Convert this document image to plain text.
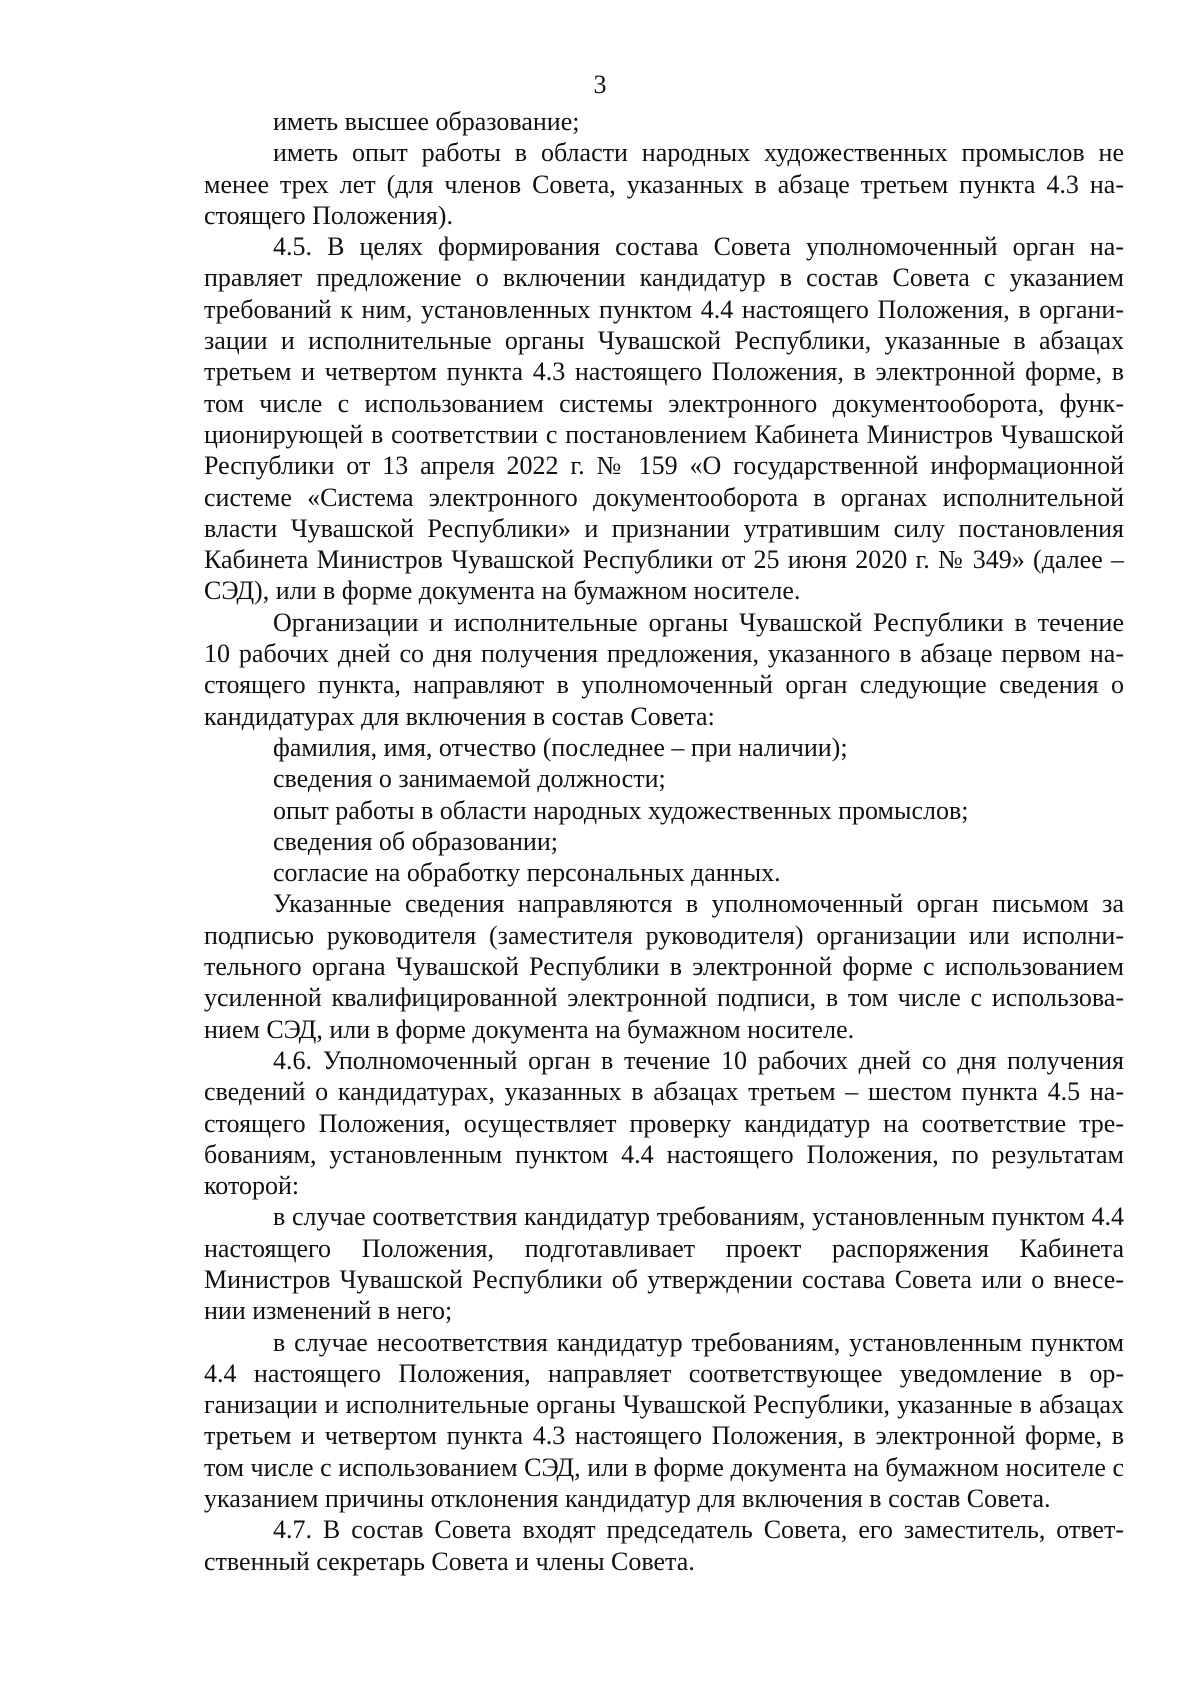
3

иметь высшее образование;

иметь опыт работы в области народных художественных промыслов не менее трех лет (для членов Совета, указанных в абзаце третьем пункта 4.3 настоящего Положения).

4.5. В целях формирования состава Совета уполномоченный орган направляет предложение о включении кандидатур в состав Совета с указанием требований к ним, установленных пунктом 4.4 настоящего Положения, в организации и исполнительные органы Чувашской Республики, указанные в абзацах третьем и четвертом пункта 4.3 настоящего Положения, в электронной форме, в том числе с использованием системы электронного документооборота, функционирующей в соответствии с постановлением Кабинета Министров Чувашской Республики от 13 апреля 2022 г. № 159 «О государственной информационной системе «Система электронного документооборота в органах исполнительной власти Чувашской Республики» и признании утратившим силу постановления Кабинета Министров Чувашской Республики от 25 июня 2020 г. № 349» (далее – СЭД), или в форме документа на бумажном носителе.

Организации и исполнительные органы Чувашской Республики в течение 10 рабочих дней со дня получения предложения, указанного в абзаце первом настоящего пункта, направляют в уполномоченный орган следующие сведения о кандидатурах для включения в состав Совета:

фамилия, имя, отчество (последнее – при наличии);

сведения о занимаемой должности;

опыт работы в области народных художественных промыслов;

сведения об образовании;

согласие на обработку персональных данных.

Указанные сведения направляются в уполномоченный орган письмом за подписью руководителя (заместителя руководителя) организации или исполнительного органа Чувашской Республики в электронной форме с использованием усиленной квалифицированной электронной подписи, в том числе с использованием СЭД, или в форме документа на бумажном носителе.

4.6. Уполномоченный орган в течение 10 рабочих дней со дня получения сведений о кандидатурах, указанных в абзацах третьем – шестом пункта 4.5 настоящего Положения, осуществляет проверку кандидатур на соответствие требованиям, установленным пунктом 4.4 настоящего Положения, по результатам которой:

в случае соответствия кандидатур требованиям, установленным пунктом 4.4 настоящего Положения, подготавливает проект распоряжения Кабинета Министров Чувашской Республики об утверждении состава Совета или о внесении изменений в него;

в случае несоответствия кандидатур требованиям, установленным пунктом 4.4 настоящего Положения, направляет соответствующее уведомление в организации и исполнительные органы Чувашской Республики, указанные в абзацах третьем и четвертом пункта 4.3 настоящего Положения, в электронной форме, в том числе с использованием СЭД, или в форме документа на бумажном носителе с указанием причины отклонения кандидатур для включения в состав Совета.

4.7. В состав Совета входят председатель Совета, его заместитель, ответственный секретарь Совета и члены Совета.
